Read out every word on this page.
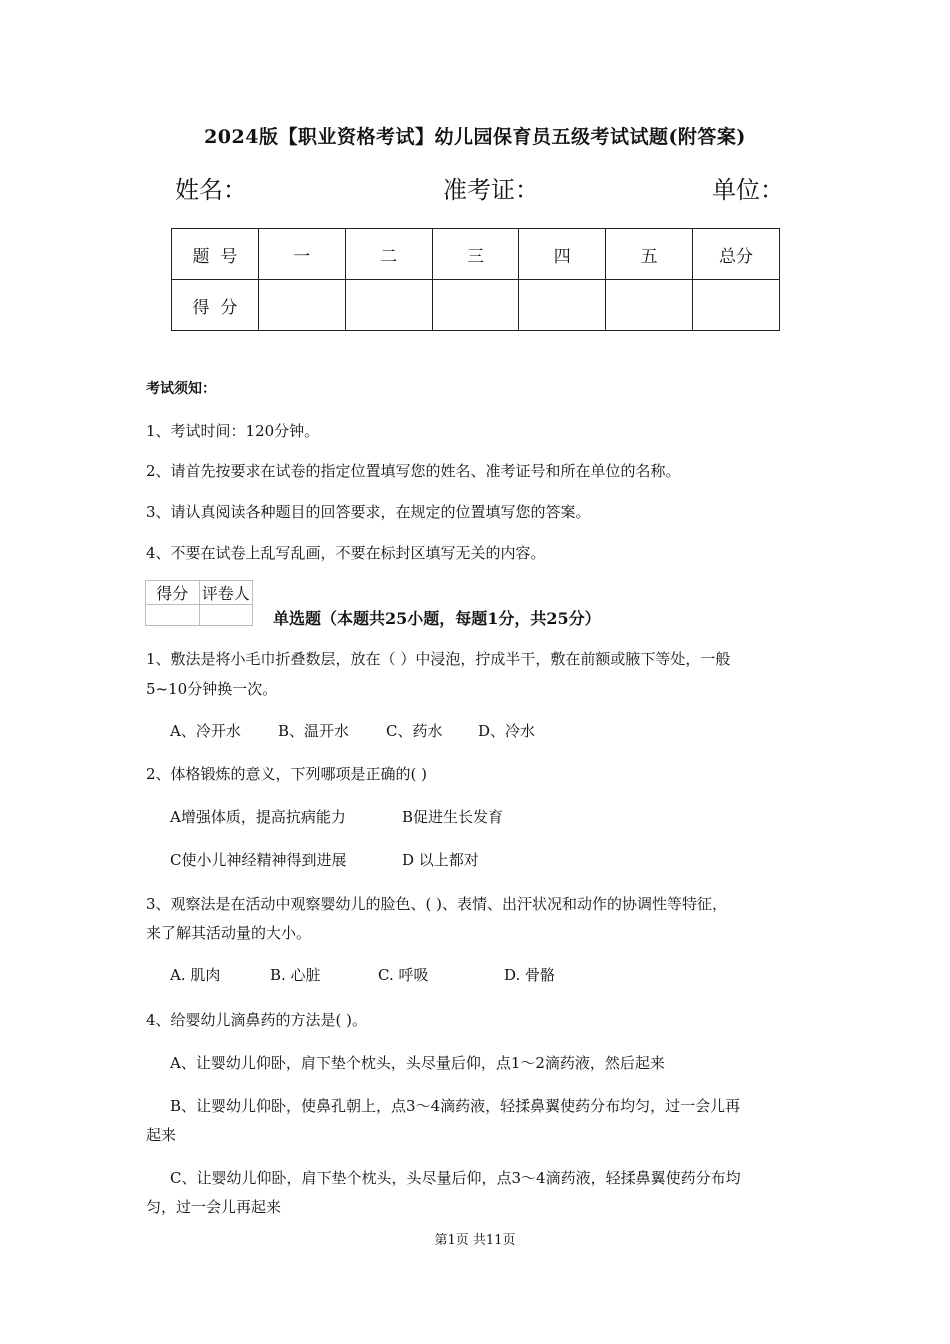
2024版【职业资格考试】幼儿园保育员五级考试试题(附答案)
姓名：	准考证：	单位：
题  号	一	二	三	四	五	总分
得  分						
考试须知：
1、考试时间：120分钟。
2、请首先按要求在试卷的指定位置填写您的姓名、准考证号和所在单位的名称。
3、请认真阅读各种题目的回答要求，在规定的位置填写您的答案。
4、不要在试卷上乱写乱画，不要在标封区填写无关的内容。
得分	评卷人

单选题（本题共25小题，每题1分，共25分）
1、敷法是将小毛巾折叠数层，放在（ ）中浸泡，拧成半干，敷在前额或腋下等处，一般
5~10分钟换一次。
A、冷开水 B、温开水 C、药水 D、冷水
2、体格锻炼的意义，下列哪项是正确的( )
A增强体质，提高抗病能力	B促进生长发育
C使小儿神经精神得到进展	D 以上都对
3、观察法是在活动中观察婴幼儿的脸色、( )、表情、出汗状况和动作的协调性等特征，
来了解其活动量的大小。
A. 肌肉	B. 心脏	C. 呼吸	D. 骨骼
4、给婴幼儿滴鼻药的方法是( )。
A、让婴幼儿仰卧，肩下垫个枕头，头尽量后仰，点1～2滴药液，然后起来
B、让婴幼儿仰卧，使鼻孔朝上，点3～4滴药液，轻揉鼻翼使药分布均匀，过一会儿再
起来
C、让婴幼儿仰卧，肩下垫个枕头，头尽量后仰，点3～4滴药液，轻揉鼻翼使药分布均
匀，过一会儿再起来
第1页 共11页
